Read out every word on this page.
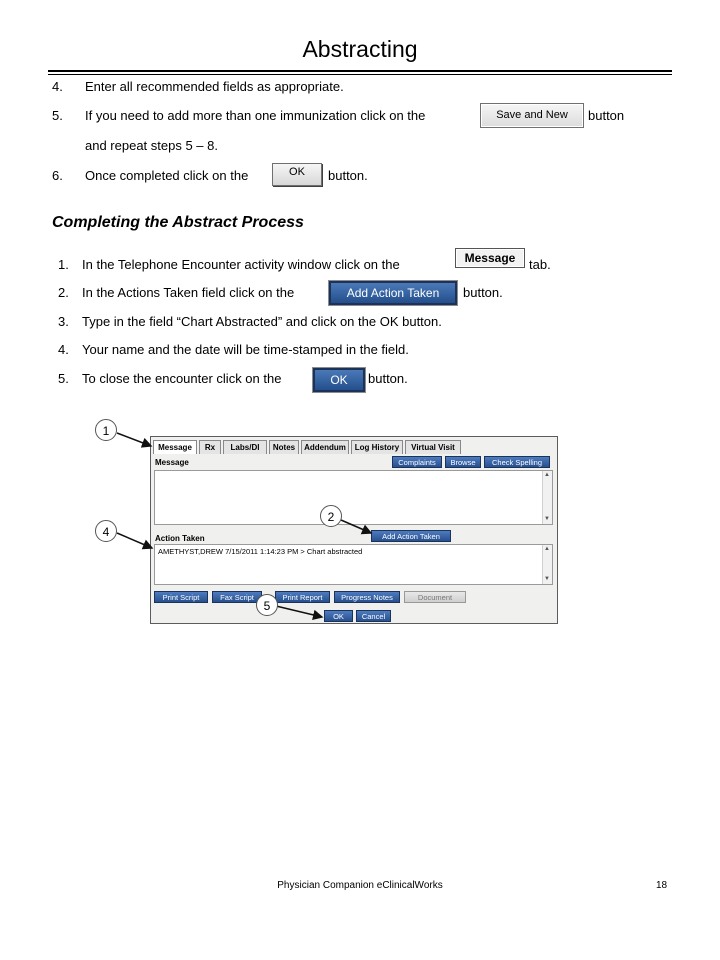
Abstracting
4. Enter all recommended fields as appropriate.
5. If you need to add more than one immunization click on the	button
Save and New
and repeat steps 5 – 8.
6. Once completed click on the	button.
OK
Completing the Abstract Process
1. In the Telephone Encounter activity window click on the	tab.
Message
2. In the Actions Taken field click on the	button.
Add Action Taken
3. Type in the field “Chart Abstracted” and click on the OK button.
4. Your name and the date will be time-stamped in the field.
5. To close the encounter click on the	button.
OK
Message	Rx	Labs/DI	Notes	Addendum	Log History	Virtual Visit
Message	Complaints	Browse	Check Spelling
▲
▼
Add Action Taken
Action Taken
AMETHYST,DREW 7/15/2011 1:14:23 PM > Chart abstracted	▲
▼
Print Script	Fax Script	Print Report	Progress Notes	Document
OK	Cancel
1
2
4
5
Physician Companion eClinicalWorks	18
